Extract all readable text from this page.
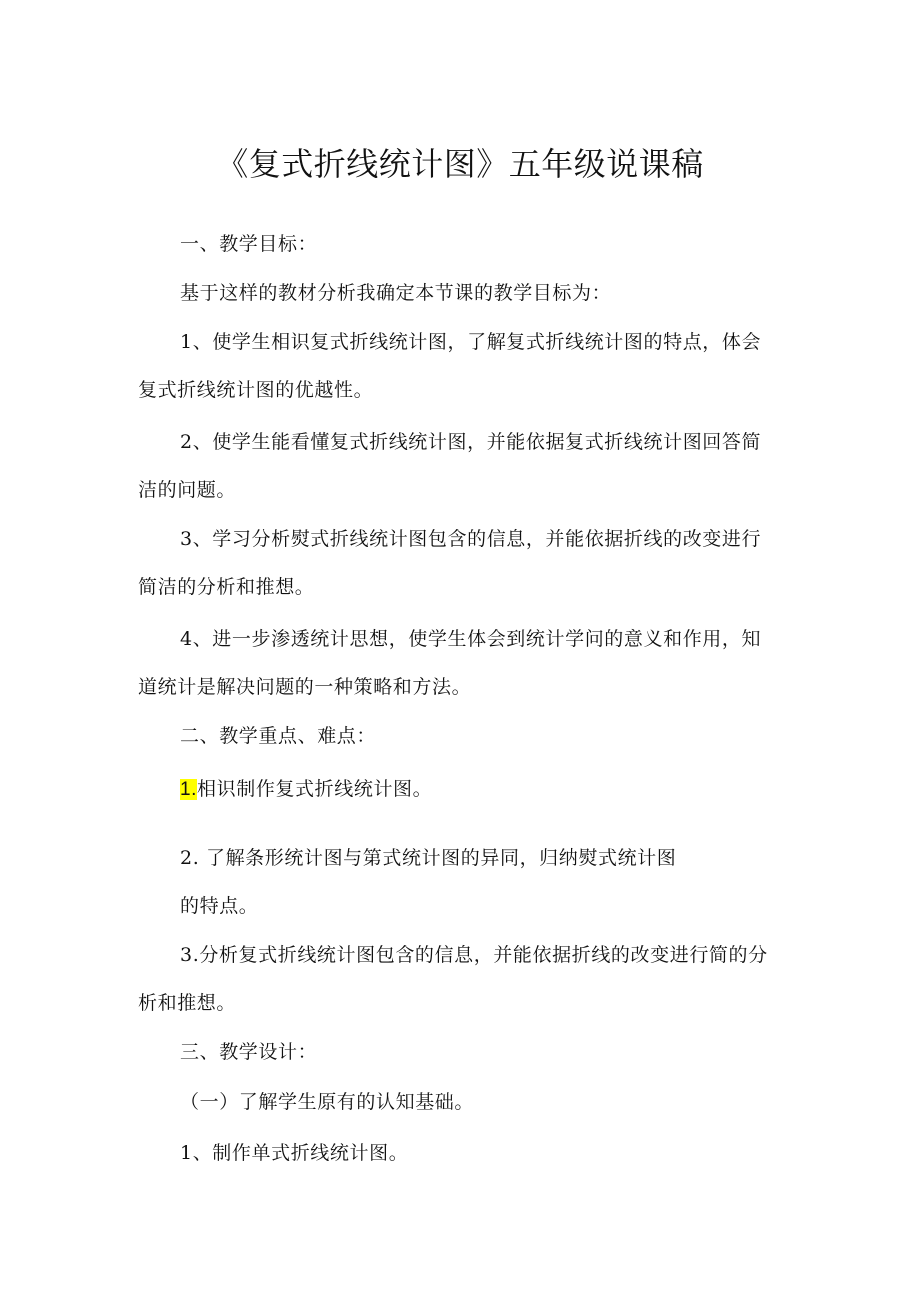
《复式折线统计图》五年级说课稿
一、教学目标：
基于这样的教材分析我确定本节课的教学目标为：
1、使学生相识复式折线统计图，了解复式折线统计图的特点，体会
复式折线统计图的优越性。
2、使学生能看懂复式折线统计图，并能依据复式折线统计图回答简
洁的问题。
3、学习分析熨式折线统计图包含的信息，并能依据折线的改变进行
简洁的分析和推想。
4、进一步渗透统计思想，使学生体会到统计学问的意义和作用，知
道统计是解决问题的一种策略和方法。
二、教学重点、难点：
1.相识制作复式折线统计图。
2. 了解条形统计图与第式统计图的异同，归纳熨式统计图
的特点。
3.分析复式折线统计图包含的信息，并能依据折线的改变进行简的分
析和推想。
三、教学设计：
（一）了解学生原有的认知基础。
1、制作单式折线统计图。
